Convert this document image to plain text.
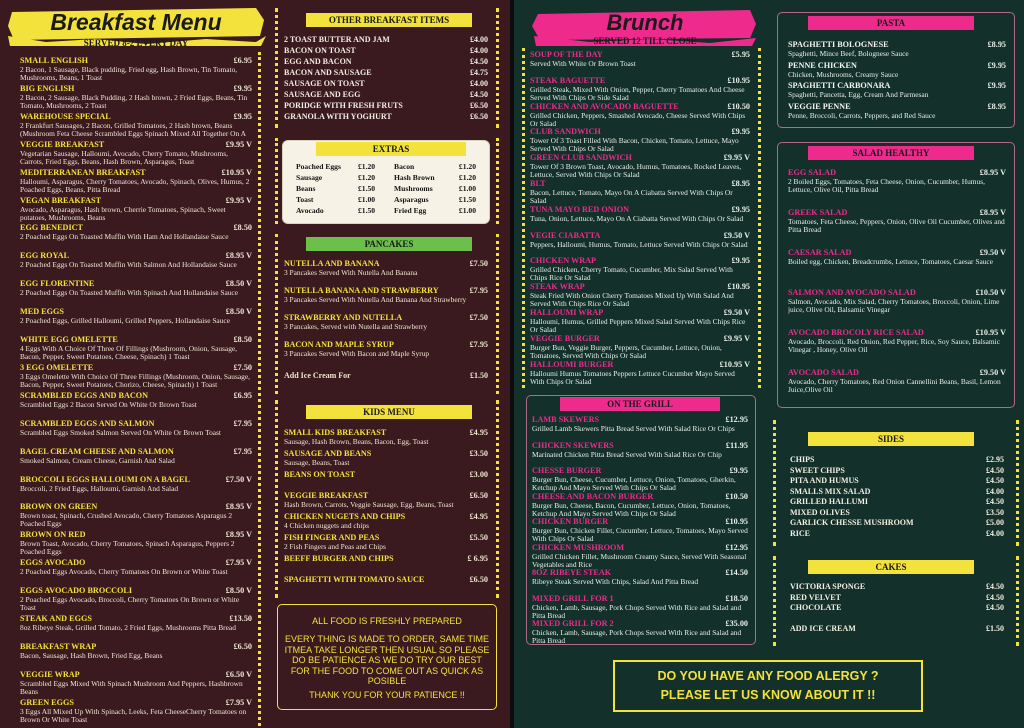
Breakfast Menu
SERVED 8-2 EVERY DAY
SMALL ENGLISH	£6.95
2 Bacon, 1 Sausage, Black pudding, Fried egg, Hash Brown, Tin Tomato, Mushrooms, Beans, 1 Toast
BIG ENGLISH	£9.95
2 Bacon, 2 Sausage, Black Pudding, 2 Hash brown, 2 Fried Eggs, Beans, Tin Tomato, Mushrooms, 2 Toast
WAREHOUSE SPECIAL	£9.95
2 Frankfurt Sausages, 2 Bacon, Grilled Tomatoes, 2 Hash brown, Beans (Mushroom Feta Cheese Scrambled Eggs Spinach Mixed All Together On A
VEGGIE BREAKFAST	£9.95 V
Vegetarian Sausage, Halloumi, Avocado, Cherry Tomato, Mushrooms, Carrots, Fried Eggs, Beans, Hash Brown, Asparagus, Toast
MEDITERRANEAN BREAKFAST	£10.95 V
Halloumi, Asparagus, Cherry Tomatoes, Avocado, Spinach, Olives, Humus, 2 Poached Eggs, Beans, Pitta Bread
VEGAN BREAKFAST	£9.95 V
Avocado, Asparagus, Hash brown, Cherrie Tomatoes, Spinach, Sweet potatoes, Mushrooms, Beans
EGG BENEDICT	£8.50
2 Poached Eggs On Toasted Muffin With Ham And Hollandaise Sauce
EGG ROYAL	£8.95 V
2 Poached Eggs On Toasted Muffin With Salmon And Hollandaise Sauce
EGG FLORENTINE	£8.50 V
2 Poached Eggs On Toasted Muffin With Spinach And Hollandaise Sauce
MED EGGS	£8.50 V
2 Poached Eggs, Grilled Halloumi, Grilled Peppers, Hollandaise Sauce
WHITE EGG OMELETTE	£8.50
4 Eggs With A Choice Of Three Of Fillings (Mushroom, Onion, Sausage, Bacon, Pepper, Sweet Potatoes, Cheese, Spinach) 1 Toast
3 EGG OMELETTE	£7.50
3 Eggs Omelette With Choice Of Three Fillings (Mushroom, Onion, Sausage, Bacon, Pepper, Sweet Potatoes, Chorizo, Cheese, Spinach) 1 Toast
SCRAMBLED EGGS AND BACON	£6.95
Scrambled Eggs 2 Bacon Served On White Or Brown Toast
SCRAMBLED EGGS AND SALMON	£7.95
Scrambled Eggs Smoked Salmon Served On White Or Brown Toast
BAGEL CREAM CHEESE AND SALMON	£7.95
Smoked Salmon, Cream Cheese, Garnish And Salad
BROCCOLI EGGS HALLOUMI ON A BAGEL	£7.50 V
Broccoli, 2 Fried Eggs, Halloumi, Garnish And Salad
BROWN ON GREEN	£8.95 V
Brown toast, Spinach, Crushed Avocado, Cherry Tomatoes Asparagus 2 Poached Eggs
BROWN ON RED	£8.95 V
Brown Toast, Avocado, Cherry Tomatoes, Spinach Asparagus, Peppers 2 Poached Eggs
EGGS AVOCADO	£7.95 V
2 Poached Eggs Avocado, Cherry Tomatoes On Brown or White Toast
EGGS AVOCADO BROCCOLI	£8.50 V
2 Poached Eggs Avocado, Broccoli, Cherry Tomatoes On Brown or White Toast
STEAK AND EGGS	£13.50
8oz Ribeye Steak, Grilled Tomato, 2 Fried Eggs, Mushrooms Pitta Bread
BREAKFAST WRAP	£6.50
Bacon, Sausage, Hash Brown, Fried Egg, Beans
VEGGIE WRAP	£6.50 V
Scrambled Eggs Mixed With Spinach Mushroom And Peppers, Hashbrown Beans
GREEN EGGS	£7.95 V
3 Eggs All Mixed Up With Spinach, Leeks, Feta CheeseCherry Tomatoes on Brown Or White Toast
OTHER BREAKFAST ITEMS
2 TOAST BUTTER AND JAM	£4.00
BACON ON TOAST	£4.00
EGG AND BACON	£4.50
BACON AND SAUSAGE	£4.75
SAUSAGE ON TOAST	£4.00
SAUSAGE AND EGG	£4.50
PORIDGE WITH FRESH FRUTS	£6.50
GRANOLA WITH YOGHURT	£6.50
EXTRAS
Poached Eggs £1.20 Bacon	£1.20
Sausage	£1.20 Hash Brown	£1.20
Beans	£1.50 Mushrooms	£1.00
Toast	£1.00 Asparagus	£1.50
Avocado	£1.50 Fried Egg	£1.00
PANCAKES
NUTELLA AND BANANA	£7.50
3 Pancakes Served With Nutella And Banana
NUTELLA BANANA AND STRAWBERRY	£7.95
3 Pancakes Served With Nutella And Banana And Strawberry
STRAWBERRY AND NUTELLA	£7.50
3 Pancakes, Served with Nutella and Strawberry
BACON AND MAPLE SYRUP	£7.95
3 Pancakes Served With Bacon and Maple Syrup
Add Ice Cream For	£1.50
KIDS MENU
SMALL KIDS BREAKFAST	£4.95
Sausage, Hash Brown, Beans, Bacon, Egg, Toast
SAUSAGE AND BEANS	£3.50
Sausage, Beans, Toast
BEANS ON TOAST	£3.00
VEGGIE BREAKFAST	£6.50
Hash Brown, Carrots, Veggie Sausage, Egg, Beans, Toast
CHICKEN NUGETS AND CHIPS	£4.95
4 Chicken nuggets and chips
FISH FINGER AND PEAS	£5.50
2 Fish Fingers and Peas and Chips
BEEFF BURGER AND CHIPS	£ 6.95
SPAGHETTI WITH TOMATO SAUCE	£6.50
ALL FOOD IS FRESHLY PREPARED
EVERY THING IS MADE TO ORDER, SAME TIME ITMEA TAKE LONGER THEN USUAL SO PLEASE DO BE PATIENCE AS WE DO TRY OUR BEST FOR THE FOOD TO COME OUT AS QUICK AS POSIBLE
THANK YOU FOR YOUR PATIENCE !!
Brunch
SERVED 12 TILL CLOSE
SOUP OF THE DAY	£5.95
Served With White Or Brown Toast
STEAK BAGUETTE	£10.95
Grilled Steak, Mixed With Onion, Pepper, Cherry Tomatoes And Cheese Served With Chips Or Side Salad
CHICKEN AND AVOCADO BAGUETTE	£10.50
Grilled Chicken, Peppers, Smashed Avocado, Cheese Served With Chips Or Salad
CLUB SANDWICH	£9.95
Tower Of 3 Toast Filled With Bacon, Chicken, Tomato, Lettuce, Mayo Served With Chips Or Salad
GREEN CLUB SANDWICH	£9.95 V
Tower Of 3 Brown Toast, Avocado, Humus, Tomatoes, Rocked Leaves, Lettuce, Served With Chips Or Salad
BLT	£8.95
Bacon, Lettuce, Tomato, Mayo On A Ciabatta Served With Chips Or Salad
TUNA MAYO RED ONION	£9.95
Tuna, Onion, Lettuce, Mayo On A Ciabatta Served With Chips Or Salad
VEGIE CIABATTA	£9.50 V
Peppers, Halloumi, Humus, Tomato, Lettuce Served With Chips Or Salad
CHICKEN WRAP	£9.95
Grilled Chicken, Cherry Tomato, Cucumber, Mix Salad Served With Chips Rice Or Salad
STEAK WRAP	£10.95
Steak Fried With Onion Cherry Tomatoes Mixed Up With Salad And Served With Chips Rice Or Salad
HALLOUMI WRAP	£9.50 V
Halloumi, Humus, Grilled Peppers Mixed Salad Served With Chips Rice Or Salad
VEGGIE BURGER	£9.95 V
Burger Bun, Veggie Burger, Peppers, Cucumber, Lettuce, Onion, Tomatoes, Served With Chips Or Salad
HALLOUMI BURGER	£10.95 V
Halloumi Humus Tomatoes Peppers Lettuce Cucumber Mayo Served With Chips Or Salad
ON THE GRILL
LAMB SKEWERS	£12.95
Grilled Lamb Skewers Pitta Bread Served With Salad Rice Or Chips
CHICKEN SKEWERS	£11.95
Marinated Chicken Pitta Bread Served With Salad Rice Or Chip
CHESSE BURGER	£9.95
Burger Bun, Cheese, Cucumber, Lettuce, Onion, Tomatoes, Gherkin, Ketchup And Mayo Served With Chips Or Salad
CHEESE AND BACON BURGER	£10.50
Burger Bun, Cheese, Bacon, Cucumber, Lettuce, Onion, Tomatoes, Ketchup And Mayo Served With Chips Or Salad
CHICKEN BURGER	£10.95
Burger Bun, Chicken Fillet, Cucumber, Lettuce, Tomatoes, Mayo Served With Chips Or Salad
CHICKEN MUSHROOM	£12.95
Grilled Chicken Fillet, Mushroom Creamy Sauce, Served With Seasonal Vegetables and Rice
8OZ RIBEYE STEAK	£14.50
Ribeye Steak Served With Chips, Salad And Pitta Bread
MIXED GRILL FOR 1	£18.50
Chicken, Lamb, Sausage, Pork Chops Served With Rice and Salad and Pitta Bread
MIXED GRILL FOR 2	£35.00
Chicken, Lamb, Sausage, Pork Chops Served With Rice and Salad and Pitta Bread
PASTA
SPAGHETTI BOLOGNESE	£8.95
Spaghetti, Mince Beef, Bolognese Sauce
PENNE CHICKEN	£9.95
Chicken, Mushrooms, Creamy Sauce
SPAGHETTI CARBONARA	£9.95
Spaghetti, Pancetta, Egg, Cream And Parmesan
VEGGIE PENNE	£8.95
Penne, Broccoli, Carrots, Peppers, and Red Sauce
SALAD HEALTHY
EGG SALAD	£8.95 V
2 Boiled Eggs, Tomatoes, Feta Cheese, Onion, Cucumber, Humus, Lettuce, Olive Oil, Pitta Bread
GREEK SALAD	£8.95 V
Tomatoes, Feta Cheese, Peppers, Onion, Olive Oil Cucumber, Olives and Pitta Bread
CAESAR SALAD	£9.50 V
Boiled egg, Chicken, Breadcrumbs, Lettuce, Tomatoes, Caesar Sauce
SALMON AND AVOCADO SALAD	£10.50 V
Salmon, Avocado, Mix Salad, Cherry Tomatoes, Broccoli, Onion, Lime juice, Olive Oil, Balsamic Vinegar
AVOCADO BROCOLY RICE SALAD	£10.95 V
Avocado, Broccoli, Red Onion, Red Pepper, Rice, Soy Sauce, Balsamic Vinegar , Honey, Olive Oil
AVOCADO SALAD	£9.50 V
Avocado, Cherry Tomatoes, Red Onion Cannellini Beans, Basil, Lemon Juice,Olive Oil
SIDES
CHIPS	£2.95
SWEET CHIPS	£4.50
PITA AND HUMUS	£4.50
SMALLS MIX SALAD	£4.00
GRILLED HALLUMI	£4.50
MIXED OLIVES	£3.50
GARLICK CHESSE MUSHROOM	£5.00
RICE	£4.00
CAKES
VICTORIA SPONGE	£4.50
RED VELVET	£4.50
CHOCOLATE	£4.50
ADD ICE CREAM	£1.50
DO YOU HAVE ANY FOOD ALERGY ?
PLEASE LET US KNOW ABOUT IT !!
